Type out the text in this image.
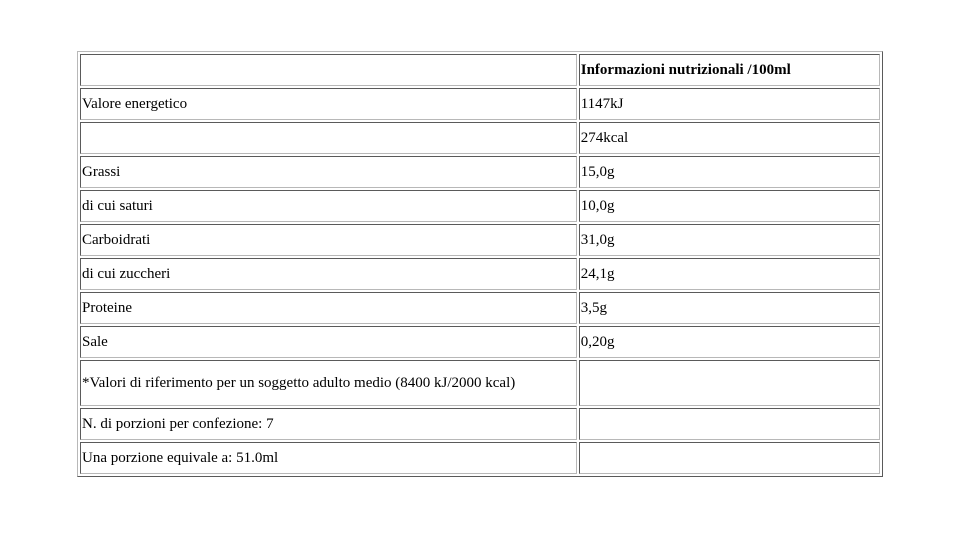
	Informazioni nutrizionali /100ml
Valore energetico	1147kJ
	274kcal
Grassi	15,0g
di cui saturi	10,0g
Carboidrati	31,0g
di cui zuccheri	24,1g
Proteine	3,5g
Sale	0,20g
*Valori di riferimento per un soggetto adulto medio (8400 kJ/2000 kcal)	
N. di porzioni per confezione: 7	
Una porzione equivale a: 51.0ml	
